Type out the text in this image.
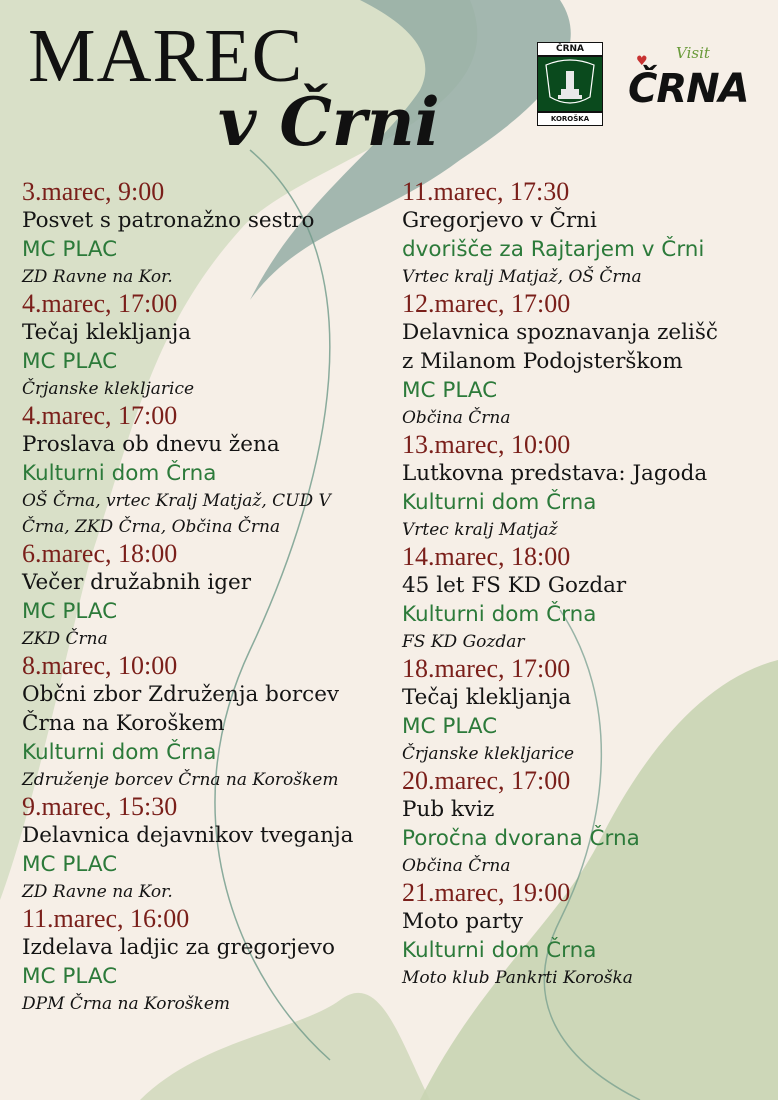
MAREC
v Črni
ČRNA
KOROŠKA
♥ Visit
ČRNA
3.marec, 9:00
Posvet s patronažno sestro
MC PLAC
ZD Ravne na Kor.
4.marec, 17:00
Tečaj klekljanja
MC PLAC
Črjanske klekljarice
4.marec, 17:00
Proslava ob dnevu žena
Kulturni dom Črna
OŠ Črna, vrtec Kralj Matjaž, CUD V
Črna, ZKD Črna, Občina Črna
6.marec, 18:00
Večer družabnih iger
MC PLAC
ZKD Črna
8.marec, 10:00
Občni zbor Združenja borcev
Črna na Koroškem
Kulturni dom Črna
Združenje borcev Črna na Koroškem
9.marec, 15:30
Delavnica dejavnikov tveganja
MC PLAC
ZD Ravne na Kor.
11.marec, 16:00
Izdelava ladjic za gregorjevo
MC PLAC
DPM Črna na Koroškem
11.marec, 17:30
Gregorjevo v Črni
dvorišče za Rajtarjem v Črni
Vrtec kralj Matjaž, OŠ Črna
12.marec, 17:00
Delavnica spoznavanja zelišč
z Milanom Podojsterškom
MC PLAC
Občina Črna
13.marec, 10:00
Lutkovna predstava: Jagoda
Kulturni dom Črna
Vrtec kralj Matjaž
14.marec, 18:00
45 let FS KD Gozdar
Kulturni dom Črna
FS KD Gozdar
18.marec, 17:00
Tečaj klekljanja
MC PLAC
Črjanske klekljarice
20.marec, 17:00
Pub kviz
Poročna dvorana Črna
Občina Črna
21.marec, 19:00
Moto party
Kulturni dom Črna
Moto klub Pankrti Koroška
